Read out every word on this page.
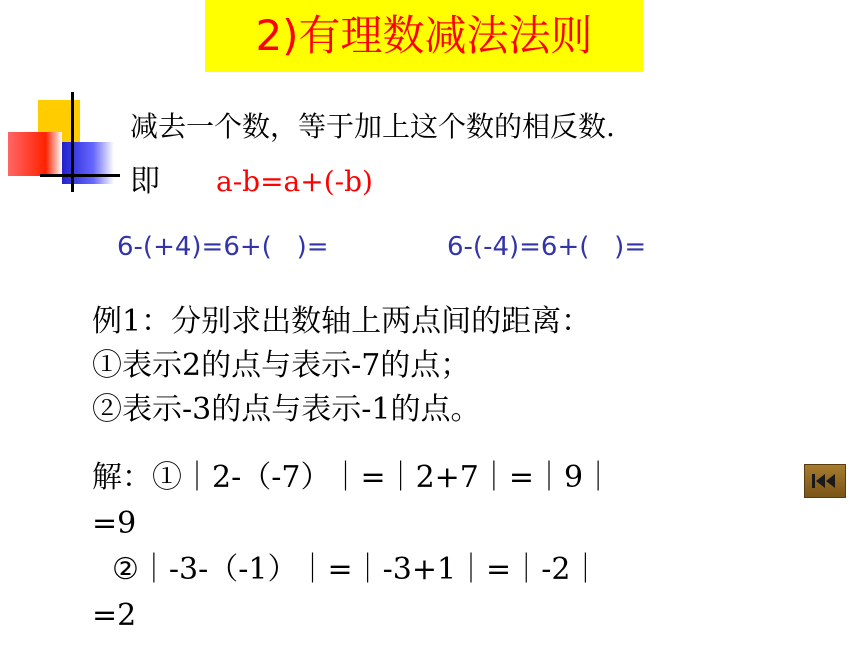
2)有理数减法法则
减去一个数，等于加上这个数的相反数.
即 a-b=a+(-b)
6-(+4)=6+(   )=	6-(-4)=6+(   )=
例1：分别求出数轴上两点间的距离：
①表示2的点与表示-7的点；
②表示-3的点与表示-1的点。
解：①｜2-（-7）｜=｜2+7｜=｜9｜
=9
②｜-3-（-1）｜=｜-3+1｜=｜-2｜
=2
